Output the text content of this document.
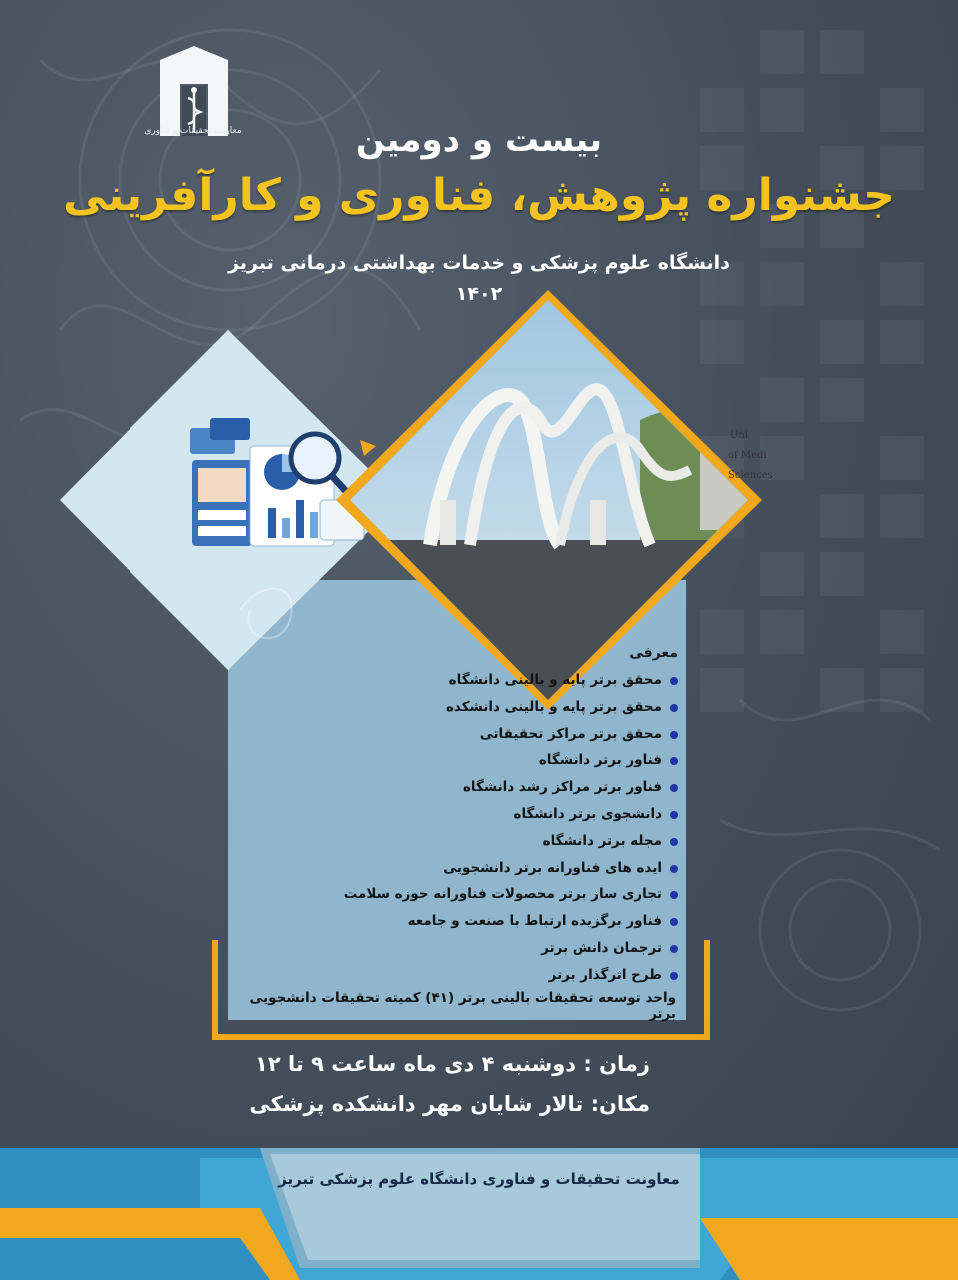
معاونت تحقیقات و فناوری	بیست و دومین
جشنواره پژوهش، فناوری و کارآفرینی
دانشگاه علوم پزشکی و خدمات بهداشتی درمانی تبریز
۱۴۰۲
Uni
of Medi
Sciences
معرفی
محقق برتر پایه و بالینی دانشگاه
محقق برتر پایه و بالینی دانشکده
محقق برتر مراکز تحقیقاتی
فناور برتر دانشگاه
فناور برتر مراکز رشد دانشگاه
دانشجوی برتر دانشگاه
مجله برتر دانشگاه
ایده های فناورانه برتر دانشجویی
تجاری ساز برتر محصولات فناورانه حوزه سلامت
فناور برگزیده ارتباط با صنعت و جامعه
ترجمان دانش برتر
طرح اثرگذار برتر
واحد توسعه تحقیقات بالینی برتر (۴۱) کمیته تحقیقات دانشجویی برتر
زمان : دوشنبه ۴ دی ماه ساعت ۹ تا ۱۲
مکان: تالار شایان مهر دانشکده پزشکی
معاونت تحقیقات و فناوری دانشگاه علوم پزشکی تبریز
